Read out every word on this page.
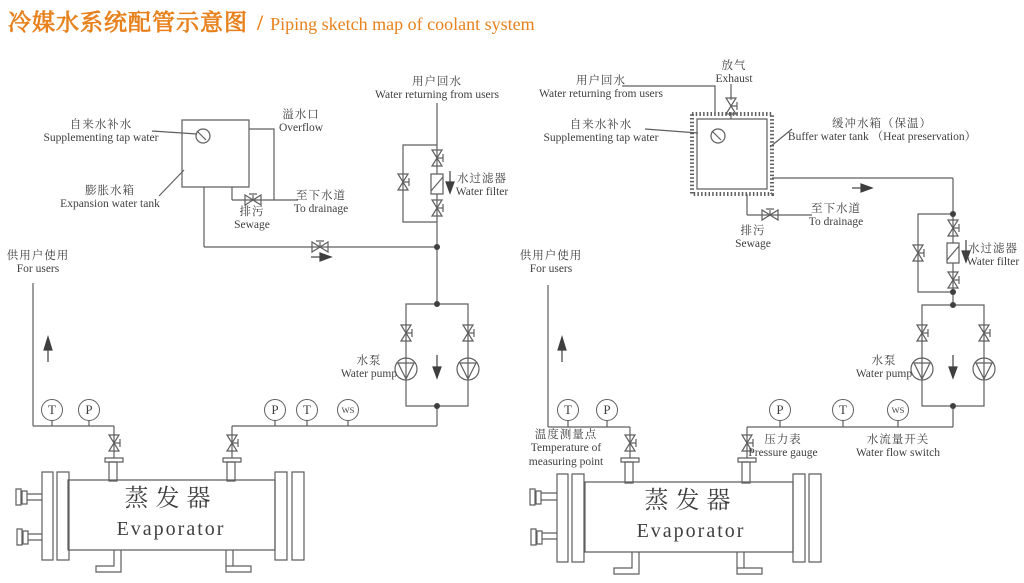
冷媒水系统配管示意图 / Piping sketch map of coolant system
用户回水
Water returning from users
自来水补水
Supplementing tap water
溢水口
Overflow
膨胀水箱
Expansion water tank
至下水道
To drainage
排污
Sewage
水过滤器
Water filter
供用户使用
For users
水泵
Water pump
蒸发器
Evaporator
用户回水
Water returning from users
自来水补水
Supplementing tap water
放气
Exhaust
缓冲水箱（保温）
Buffer water tank （Heat preservation）
至下水道
To drainage
排污
Sewage	水过滤器
Water filter
供用户使用
For users
水泵
Water pump
蒸发器
Evaporator
温度测量点
Temperature of
measuring point
压力表
Pressure gauge
水流量开关
Water flow switch
T P	P T	WS	T P	P	T	WS
